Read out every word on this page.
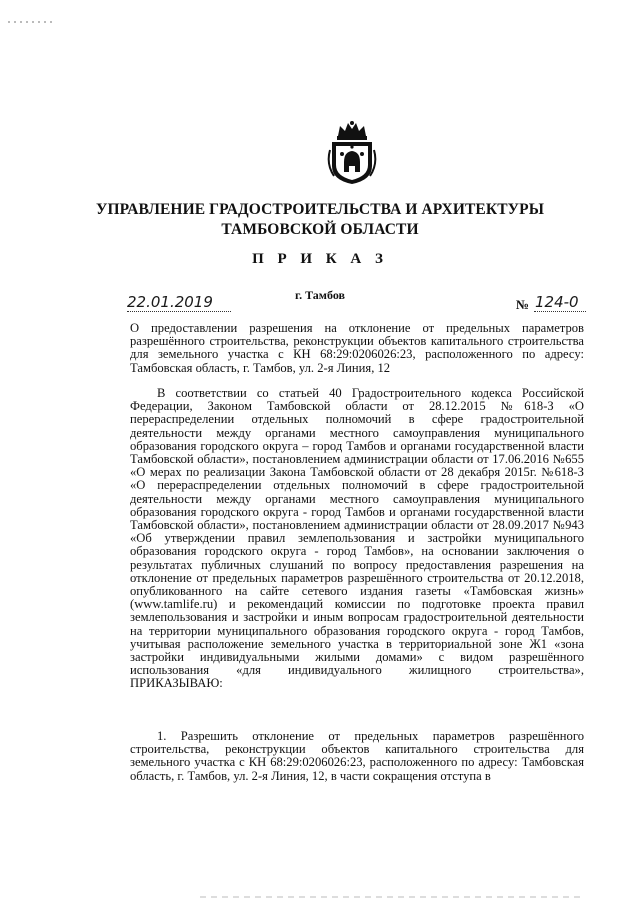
УПРАВЛЕНИЕ ГРАДОСТРОИТЕЛЬСТВА И АРХИТЕКТУРЫ
ТАМБОВСКОЙ ОБЛАСТИ
П Р И К А З
г. Тамбов
22.01.2019	№ 124-0
О предоставлении разрешения на отклонение от предельных параметров разрешённого строительства, реконструкции объектов капитального строительства для земельного участка с КН 68:29:0206026:23, расположенного по адресу: Тамбовская область, г. Тамбов, ул. 2-я Линия, 12
В соответствии со статьей 40 Градостроительного кодекса Российской Федерации, Законом Тамбовской области от 28.12.2015 №618-З «О перераспределении отдельных полномочий в сфере градостроительной деятельности между органами местного самоуправления муниципального образования городского округа – город Тамбов и органами государственной власти Тамбовской области», постановлением администрации области от 17.06.2016 №655 «О мерах по реализации Закона Тамбовской области от 28 декабря 2015г. №618-З «О перераспределении отдельных полномочий в сфере градостроительной деятельности между органами местного самоуправления муниципального образования городского округа - город Тамбов и органами государственной власти Тамбовской области», постановлением администрации области от 28.09.2017 №943 «Об утверждении правил землепользования и застройки муниципального образования городского округа - город Тамбов», на основании заключения о результатах публичных слушаний по вопросу предоставления разрешения на отклонение от предельных параметров разрешённого строительства от 20.12.2018, опубликованного на сайте сетевого издания газеты «Тамбовская жизнь» (www.tamlife.ru) и рекомендаций комиссии по подготовке проекта правил землепользования и застройки и иным вопросам градостроительной деятельности на территории муниципального образования городского округа - город Тамбов, учитывая расположение земельного участка в территориальной зоне Ж1 «зона застройки индивидуальными жилыми домами» с видом разрешённого использования «для индивидуального жилищного строительства», ПРИКАЗЫВАЮ:
1. Разрешить отклонение от предельных параметров разрешённого строительства, реконструкции объектов капитального строительства для земельного участка с КН 68:29:0206026:23, расположенного по адресу: Тамбовская область, г. Тамбов, ул. 2-я Линия, 12, в части сокращения отступа в
